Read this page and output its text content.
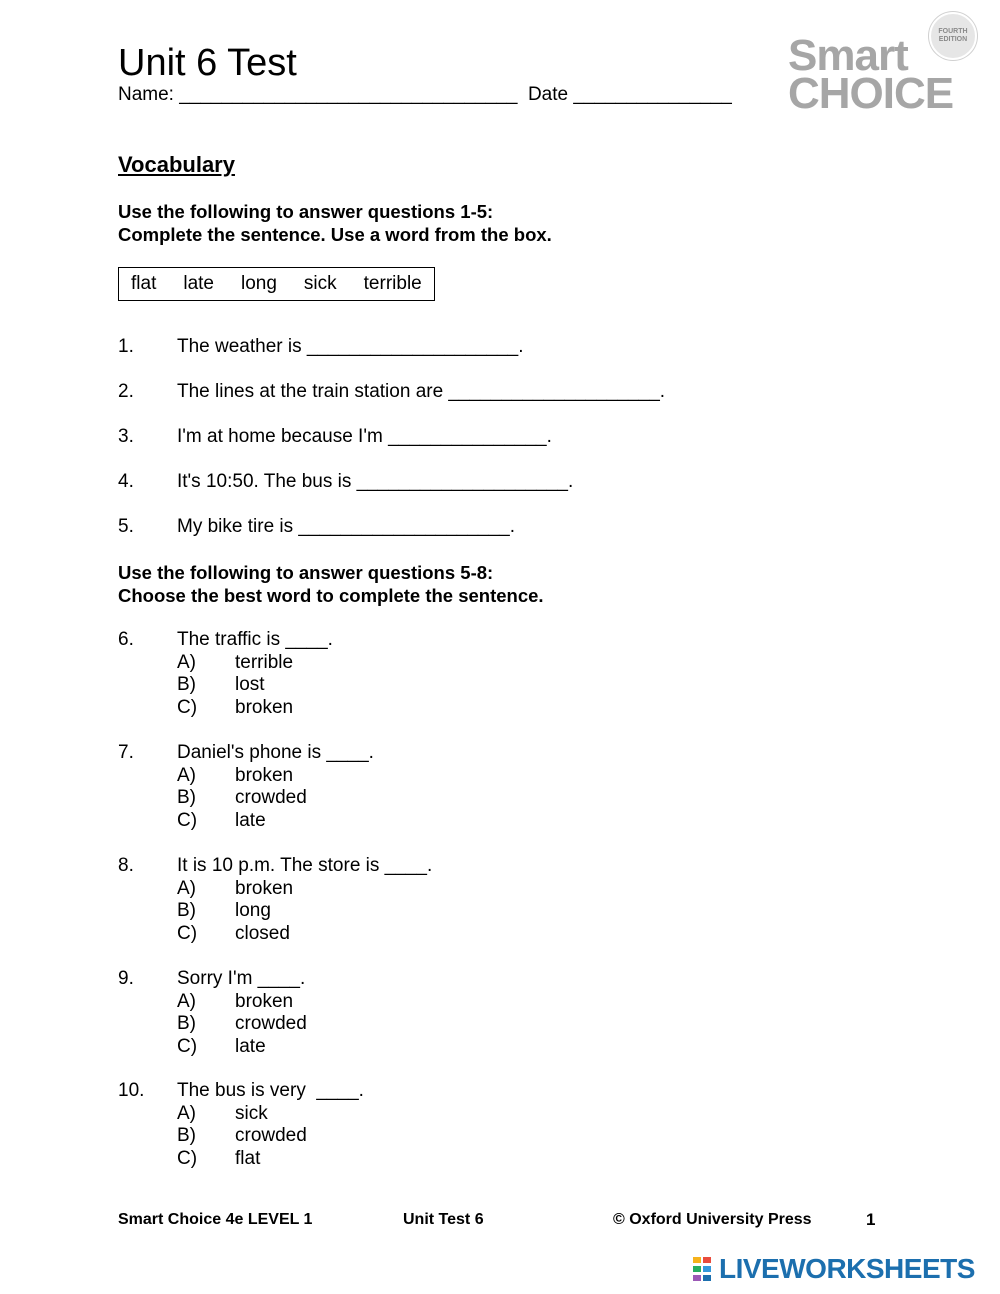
Unit 6 Test
Name: ________________________________ Date _______________
FOURTH
EDITION
Smart
CHOICE
Vocabulary
Use the following to answer questions 1-5:
Complete the sentence. Use a word from the box.
flat late long sick terrible
1. The weather is ____________________.
2. The lines at the train station are ____________________.
3. I'm at home because I'm _______________.
4. It's 10:50. The bus is ____________________.
5. My bike tire is ____________________.
Use the following to answer questions 5-8:
Choose the best word to complete the sentence.
6. The traffic is ____.
A) terrible
B) lost
C) broken
7. Daniel's phone is ____.
A) broken
B) crowded
C) late
8. It is 10 p.m. The store is ____.
A) broken
B) long
C) closed
9. Sorry I'm ____.
A) broken
B) crowded
C) late
10. The bus is very  ____.
A) sick
B) crowded
C) flat
Smart Choice 4e LEVEL 1	Unit Test 6	© Oxford University Press	1
LIVEWORKSHEETS
